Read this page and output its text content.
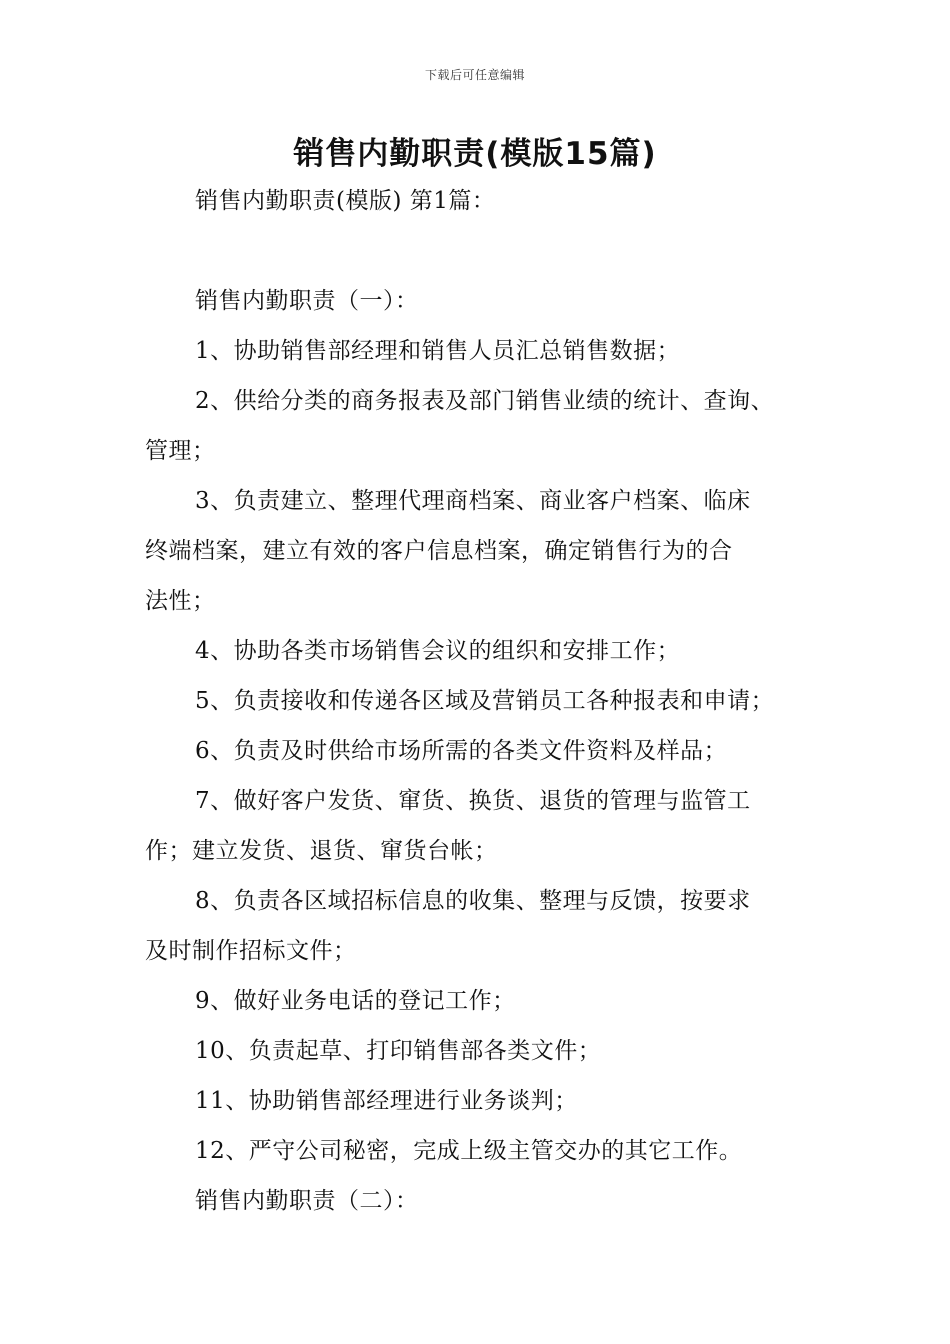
下载后可任意编辑
销售内勤职责(模版15篇)
销售内勤职责(模版) 第1篇：
销售内勤职责（一）：
1、协助销售部经理和销售人员汇总销售数据；
2、供给分类的商务报表及部门销售业绩的统计、查询、
管理；
3、负责建立、整理代理商档案、商业客户档案、临床
终端档案，建立有效的客户信息档案，确定销售行为的合
法性；
4、协助各类市场销售会议的组织和安排工作；
5、负责接收和传递各区域及营销员工各种报表和申请；
6、负责及时供给市场所需的各类文件资料及样品；
7、做好客户发货、窜货、换货、退货的管理与监管工
作；建立发货、退货、窜货台帐；
8、负责各区域招标信息的收集、整理与反馈，按要求
及时制作招标文件；
9、做好业务电话的登记工作；
10、负责起草、打印销售部各类文件；
11、协助销售部经理进行业务谈判；
12、严守公司秘密，完成上级主管交办的其它工作。
销售内勤职责（二）：
